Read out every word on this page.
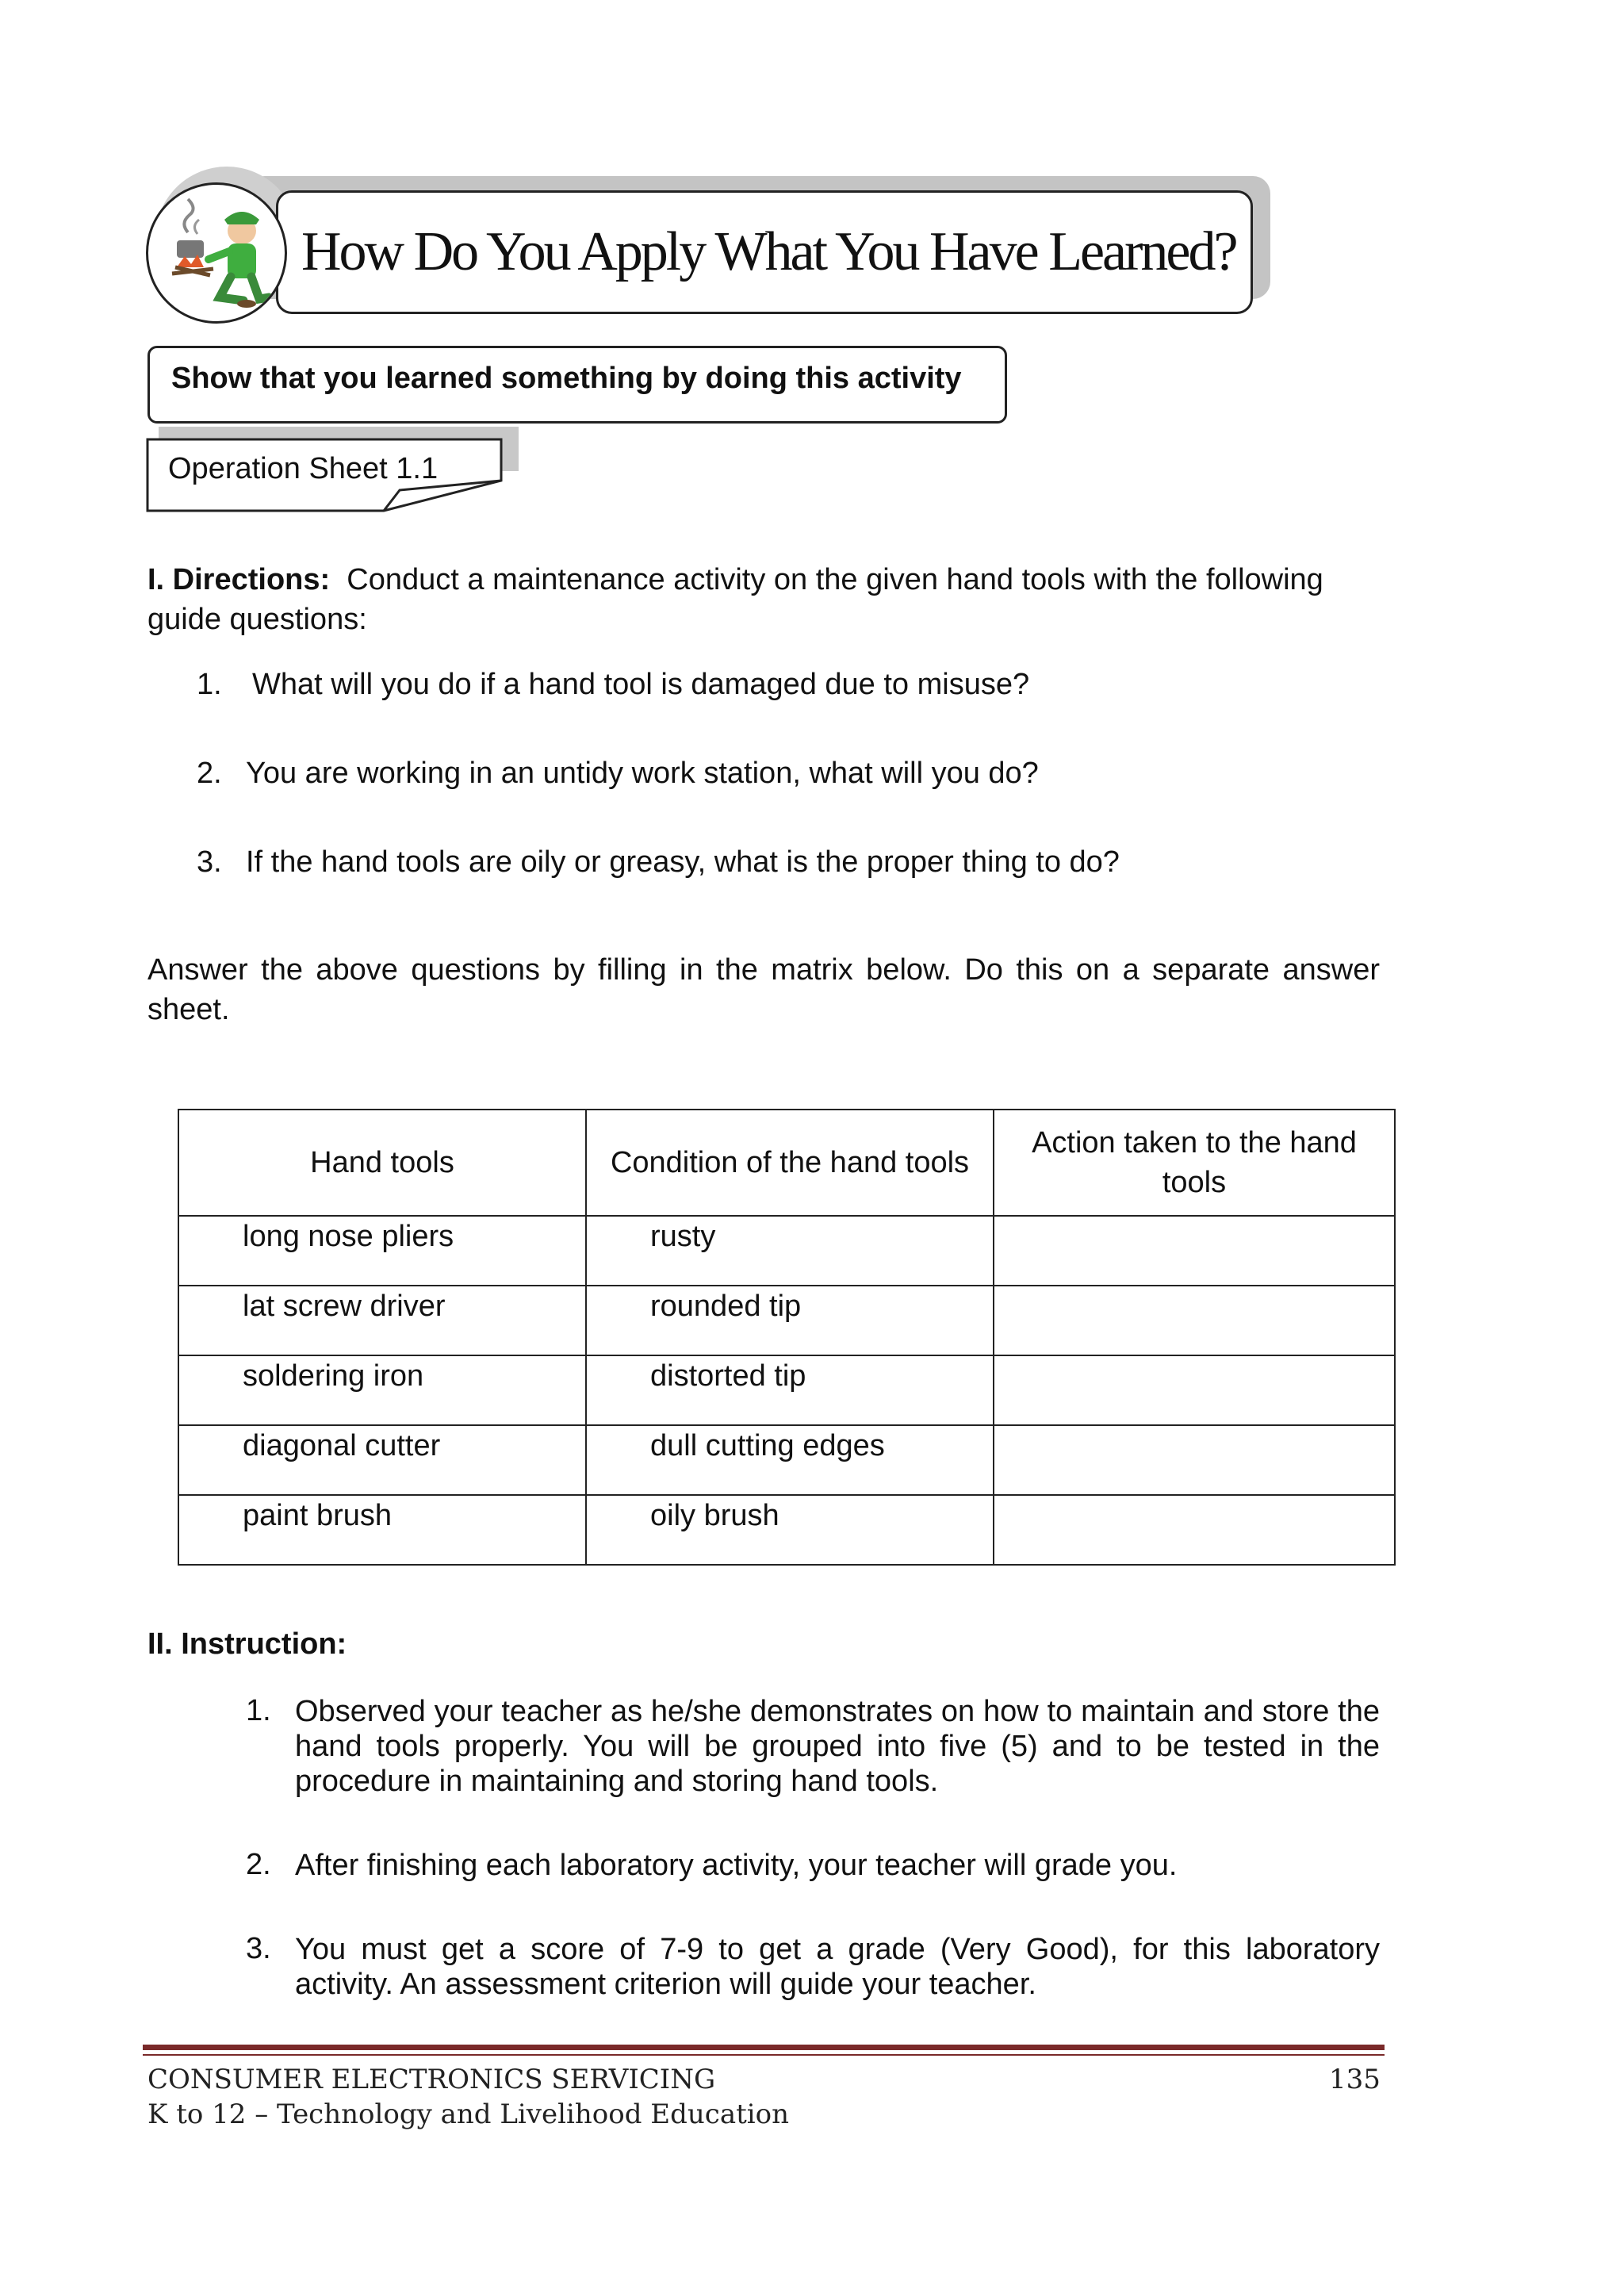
How Do You Apply What You Have Learned?
Show that you learned something by doing this activity
Operation Sheet 1.1
I. Directions: Conduct a maintenance activity on the given hand tools with the following guide questions:
1. What will you do if a hand tool is damaged due to misuse?
2. You are working in an untidy work station, what will you do?
3. If the hand tools are oily or greasy, what is the proper thing to do?
Answer the above questions by filling in the matrix below. Do this on a separate answer sheet.
Hand tools	Condition of the hand tools	Action taken to the hand tools
long nose pliers	rusty	
lat screw driver	rounded tip	
soldering iron	distorted tip	
diagonal cutter	dull cutting edges	
paint brush	oily brush	
II. Instruction:
1. Observed your teacher as he/she demonstrates on how to maintain and store the hand tools properly. You will be grouped into five (5) and to be tested in the procedure in maintaining and storing hand tools.
2. After finishing each laboratory activity, your teacher will grade you.
3. You must get a score of 7-9 to get a grade (Very Good), for this laboratory activity. An assessment criterion will guide your teacher.
CONSUMER ELECTRONICS SERVICING
K to 12 – Technology and Livelihood Education
135
